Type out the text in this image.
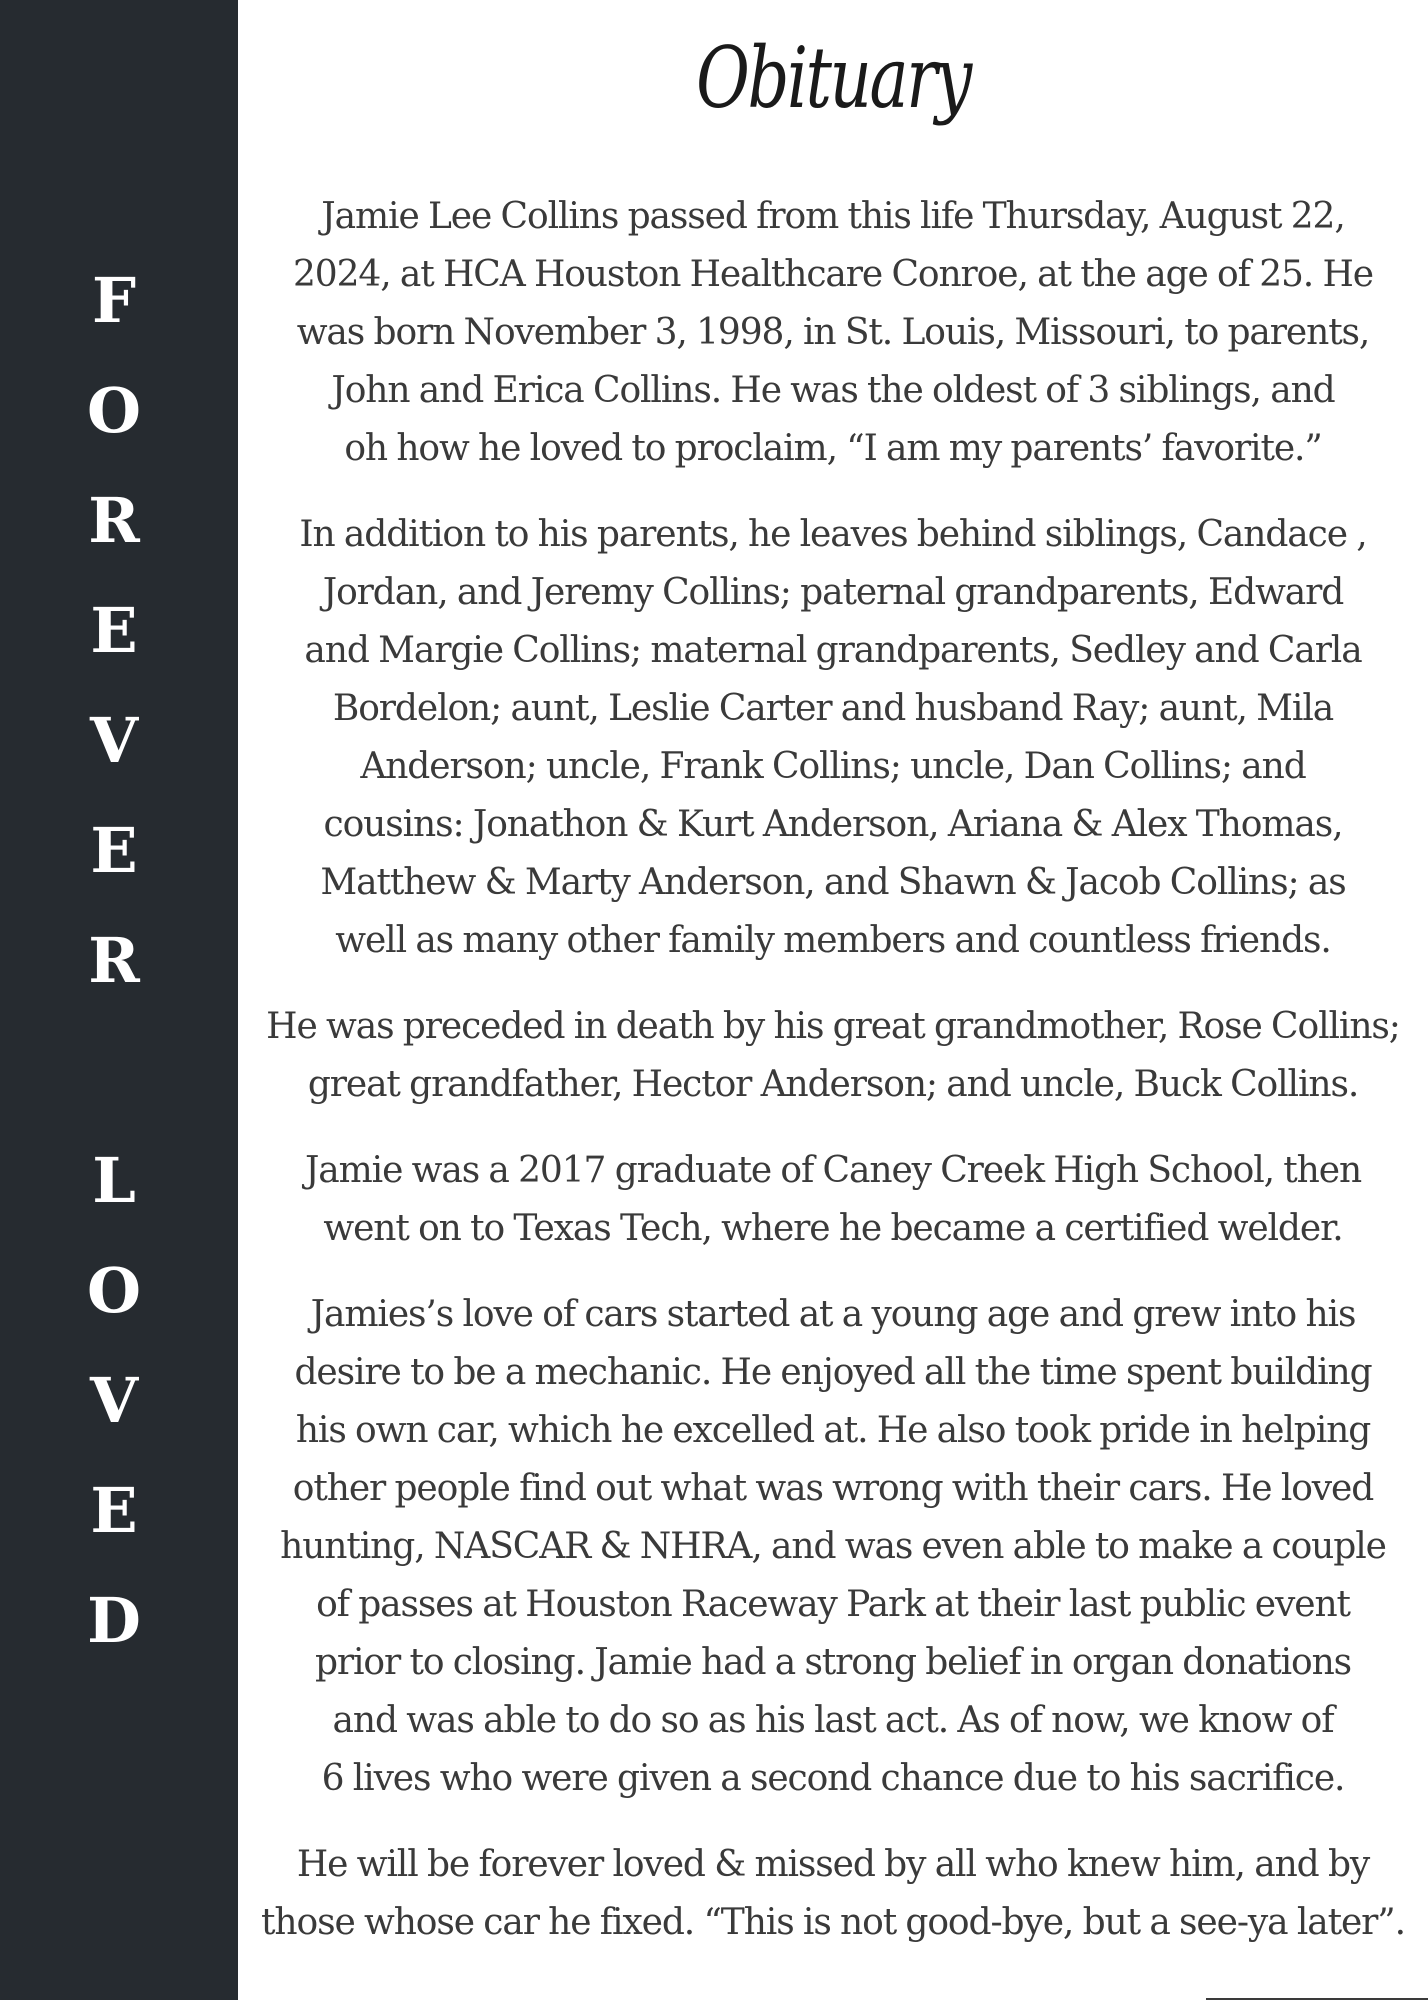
F
O
R
E
V
E
R
L
O
V
E
D
Obituary

Jamie Lee Collins passed from this life Thursday, August 22,
2024, at HCA Houston Healthcare Conroe, at the age of 25. He
was born November 3, 1998, in St. Louis, Missouri, to parents,
John and Erica Collins. He was the oldest of 3 siblings, and
oh how he loved to proclaim, “I am my parents’ favorite.”

In addition to his parents, he leaves behind siblings, Candace ,
Jordan, and Jeremy Collins; paternal grandparents, Edward
and Margie Collins; maternal grandparents, Sedley and Carla
Bordelon; aunt, Leslie Carter and husband Ray; aunt, Mila
Anderson; uncle, Frank Collins; uncle, Dan Collins; and
cousins: Jonathon & Kurt Anderson, Ariana & Alex Thomas,
Matthew & Marty Anderson, and Shawn & Jacob Collins; as
well as many other family members and countless friends.

He was preceded in death by his great grandmother, Rose Collins;
great grandfather, Hector Anderson; and uncle, Buck Collins.

Jamie was a 2017 graduate of Caney Creek High School, then
went on to Texas Tech, where he became a certified welder.

Jamies’s love of cars started at a young age and grew into his
desire to be a mechanic. He enjoyed all the time spent building
his own car, which he excelled at. He also took pride in helping
other people find out what was wrong with their cars. He loved
hunting, NASCAR & NHRA, and was even able to make a couple
of passes at Houston Raceway Park at their last public event
prior to closing. Jamie had a strong belief in organ donations
and was able to do so as his last act. As of now, we know of
6 lives who were given a second chance due to his sacrifice.

He will be forever loved & missed by all who knew him, and by
those whose car he fixed. “This is not good-bye, but a see-ya later”.
